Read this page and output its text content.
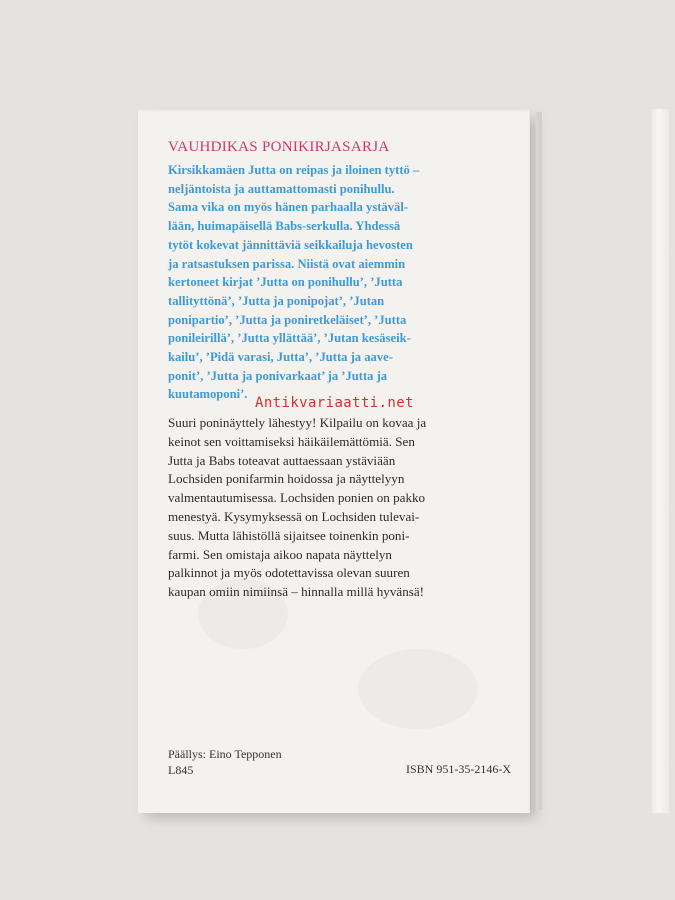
VAUHDIKAS PONIKIRJASARJA
Kirsikkamäen Jutta on reipas ja iloinen tyttö –
neljäntoista ja auttamattomasti ponihullu.
Sama vika on myös hänen parhaalla ystäväl-
lään, huimapäisellä Babs-serkulla. Yhdessä
tytöt kokevat jännittäviä seikkailuja hevosten
ja ratsastuksen parissa. Niistä ovat aiemmin
kertoneet kirjat ’Jutta on ponihullu’, ’Jutta
tallityttönä’, ’Jutta ja ponipojat’, ’Jutan
ponipartio’, ’Jutta ja poniretkeläiset’, ’Jutta
ponileirillä’, ’Jutta yllättää’, ’Jutan kesäseik-
kailu’, ’Pidä varasi, Jutta’, ’Jutta ja aave-
ponit’, ’Jutta ja ponivarkaat’ ja ’Jutta ja
kuutamoponi’.
Suuri poninäyttely lähestyy! Kilpailu on kovaa ja
keinot sen voittamiseksi häikäilemättömiä. Sen
Jutta ja Babs toteavat auttaessaan ystäviään
Lochsiden ponifarmin hoidossa ja näyttelyyn
valmentautumisessa. Lochsiden ponien on pakko
menestyä. Kysymyksessä on Lochsiden tulevai-
suus. Mutta lähistöllä sijaitsee toinenkin poni-
farmi. Sen omistaja aikoo napata näyttelyn
palkinnot ja myös odotettavissa olevan suuren
kaupan omiin nimiinsä – hinnalla millä hyvänsä!
Päällys: Eino Tepponen
L845	ISBN 951-35-2146-X
Antikvariaatti.net
